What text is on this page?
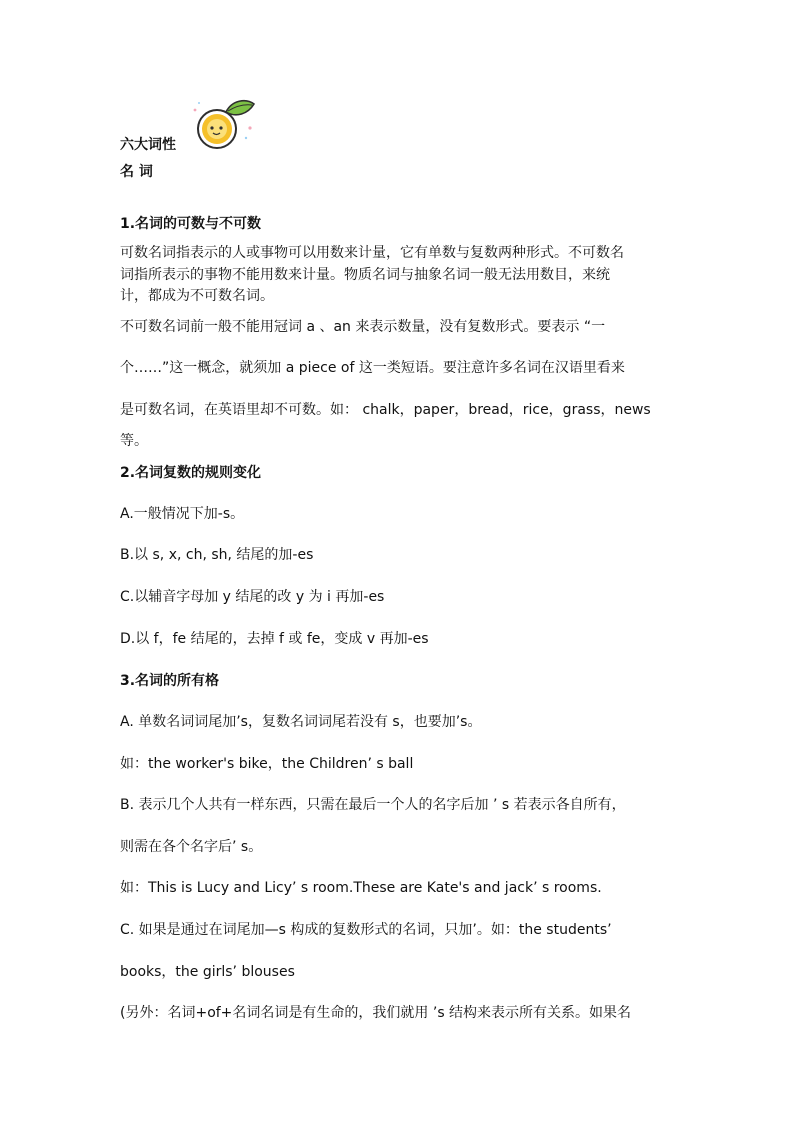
六大词性
名 词
1.名词的可数与不可数
可数名词指表示的人或事物可以用数来计量，它有单数与复数两种形式。不可数名
词指所表示的事物不能用数来计量。物质名词与抽象名词一般无法用数目，来统
计，都成为不可数名词。
不可数名词前一般不能用冠词 a 、an 来表示数量，没有复数形式。要表示 “一
个……”这一概念，就须加 a piece of 这一类短语。要注意许多名词在汉语里看来
是可数名词，在英语里却不可数。如： chalk，paper，bread，rice，grass，news
等。
2.名词复数的规则变化
A.一般情况下加-s。
B.以 s, x, ch, sh, 结尾的加-es
C.以辅音字母加 y 结尾的改 y 为 i 再加-es
D.以 f，fe 结尾的，去掉 f 或 fe，变成 v 再加-es
3.名词的所有格
A. 单数名词词尾加’s，复数名词词尾若没有 s，也要加’s。
如：the worker's bike，the Children’ s ball
B. 表示几个人共有一样东西，只需在最后一个人的名字后加 ’ s 若表示各自所有，
则需在各个名字后’ s。
如：This is Lucy and Licy’ s room.These are Kate's and jack’ s rooms.
C. 如果是通过在词尾加—s 构成的复数形式的名词，只加’。如：the students’
books，the girls’ blouses
(另外：名词+of+名词名词是有生命的，我们就用 ’s 结构来表示所有关系。如果名
